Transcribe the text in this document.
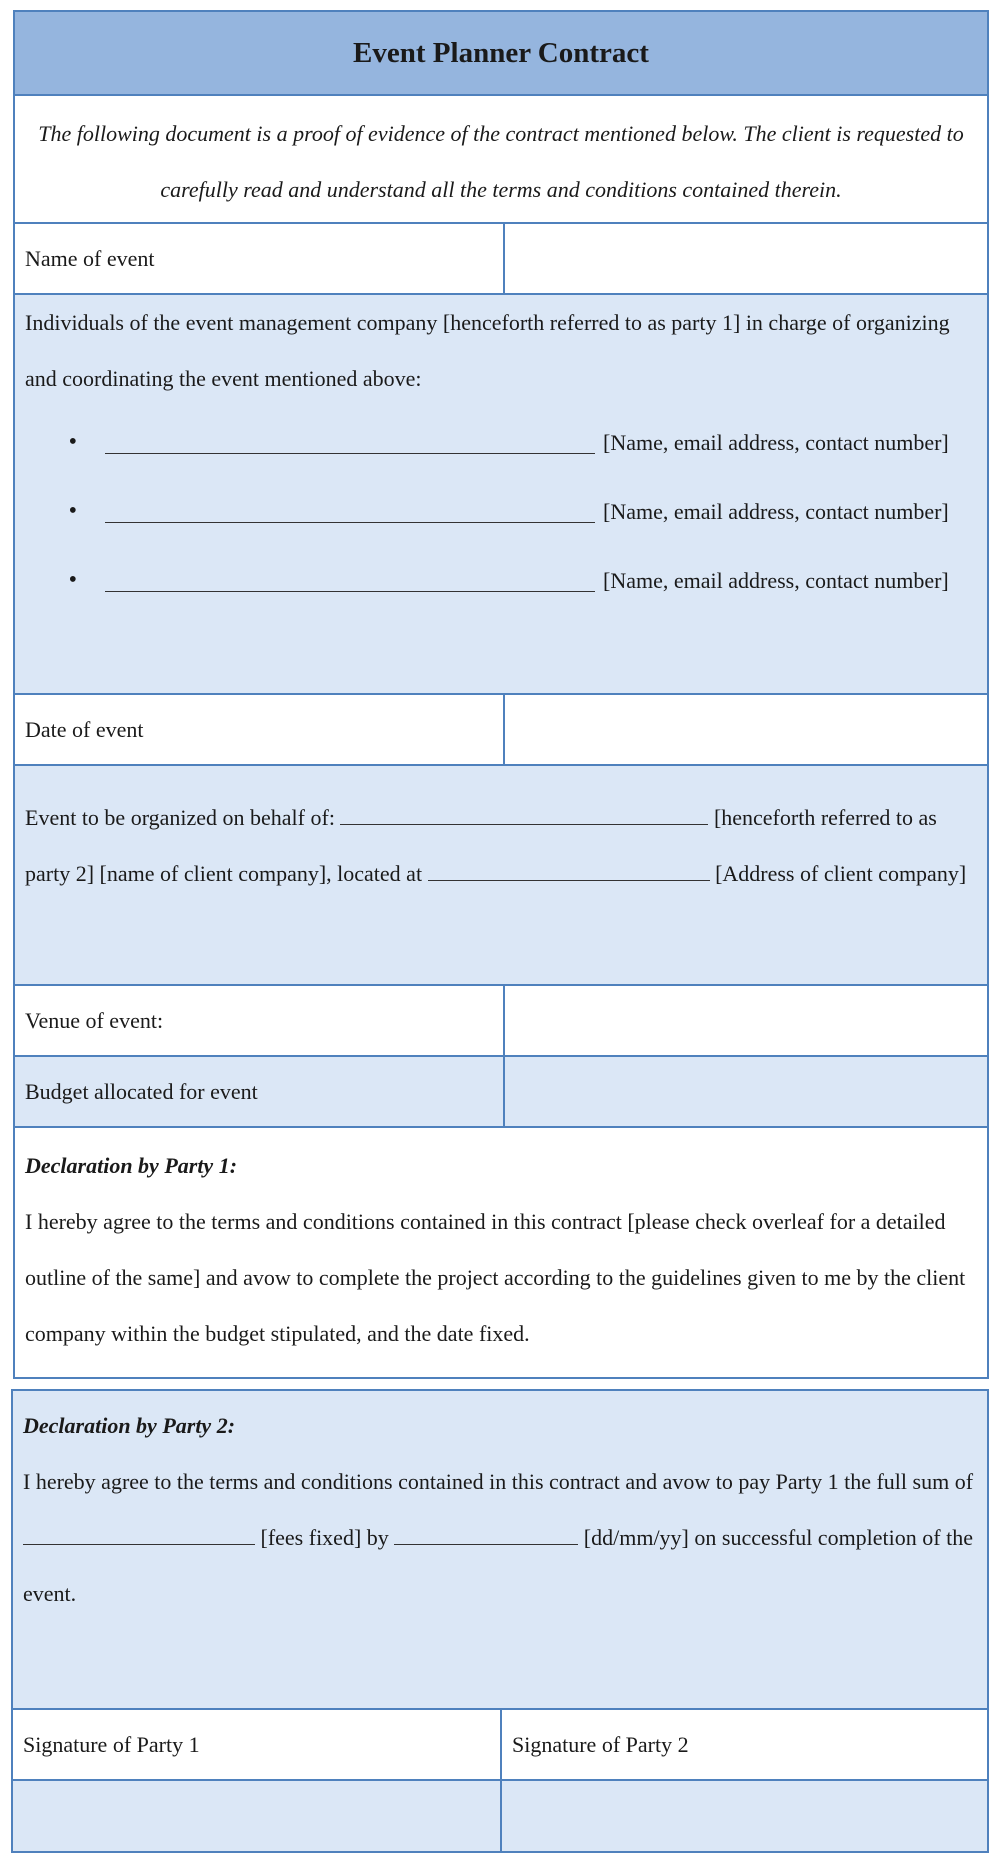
Event Planner Contract
The following document is a proof of evidence of the contract mentioned below. The client is requested to carefully read and understand all the terms and conditions contained therein.
Name of event
Individuals of the event management company [henceforth referred to as party 1] in charge of organizing and coordinating the event mentioned above:
•	[Name, email address, contact number]
•	[Name, email address, contact number]
•	[Name, email address, contact number]
Date of event
Event to be organized on behalf of:	[henceforth referred to as party 2] [name of client company], located at	[Address of client company]
Venue of event:
Budget allocated for event
Declaration by Party 1:
I hereby agree to the terms and conditions contained in this contract [please check overleaf for a detailed outline of the same] and avow to complete the project according to the guidelines given to me by the client company within the budget stipulated, and the date fixed.
Declaration by Party 2:
I hereby agree to the terms and conditions contained in this contract and avow to pay Party 1 the full sum of  [fees fixed] by	[dd/mm/yy] on successful completion of the event.
Signature of Party 1	Signature of Party 2
